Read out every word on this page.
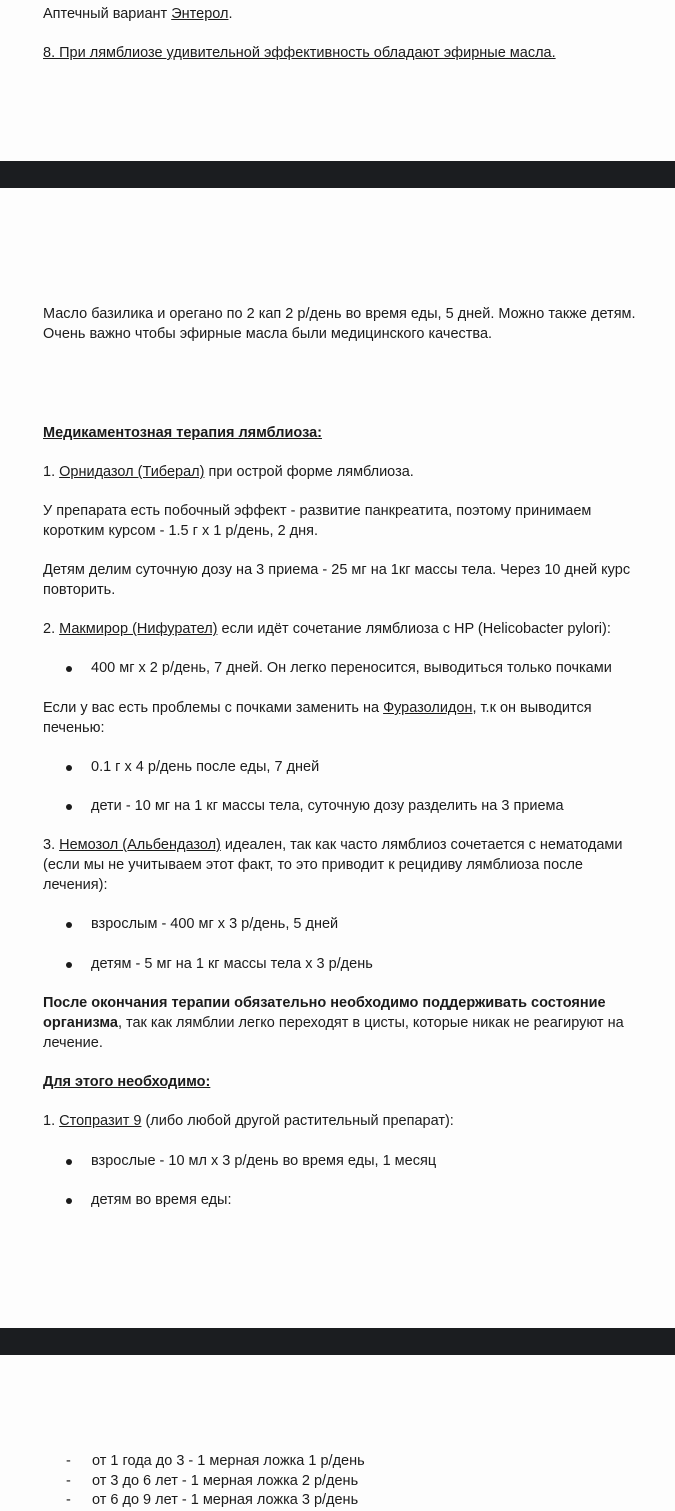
Аптечный вариант Энтерол.

8. При лямблиозе удивительной эффективность обладают эфирные масла.

Масло базилика и орегано по 2 кап 2 р/день во время еды, 5 дней. Можно также детям.

Очень важно чтобы эфирные масла были медицинского качества.

Медикаментозная терапия лямблиоза:

1. Орнидазол (Тиберал) при острой форме лямблиоза.

У препарата есть побочный эффект - развитие панкреатита, поэтому принимаем

коротким курсом - 1.5 г х 1 р/день, 2 дня.

Детям делим суточную дозу на 3 приема - 25 мг на 1кг массы тела. Через 10 дней курс

повторить.

2. Макмирор (Нифурател) если идёт сочетание лямблиоза с HP (Helicobacter pylori):

400 мг х 2 р/день, 7 дней. Он легко переносится, выводиться только почками

Если у вас есть проблемы с почками заменить на Фуразолидон, т.к он выводится

печенью:

0.1 г х 4 р/день после еды, 7 дней
дети - 10 мг на 1 кг массы тела, суточную дозу разделить на 3 приема

3. Немозол (Альбендазол) идеален, так как часто лямблиоз сочетается с нематодами

(если мы не учитываем этот факт, то это приводит к рецидиву лямблиоза после

лечения):

взрослым - 400 мг х 3 р/день, 5 дней
детям - 5 мг на 1 кг массы тела х 3 р/день

После окончания терапии обязательно необходимо поддерживать состояние

организма, так как лямблии легко переходят в цисты, которые никак не реагируют на

лечение.

Для этого необходимо:

1. Стопразит 9 (либо любой другой растительный препарат):

взрослые - 10 мл х 3 р/день во время еды, 1 месяц
детям во время еды:
- от 1 года до 3 - 1 мерная ложка 1 р/день
- от 3 до 6 лет - 1 мерная ложка 2 р/день
- от 6 до 9 лет - 1 мерная ложка 3 р/день
